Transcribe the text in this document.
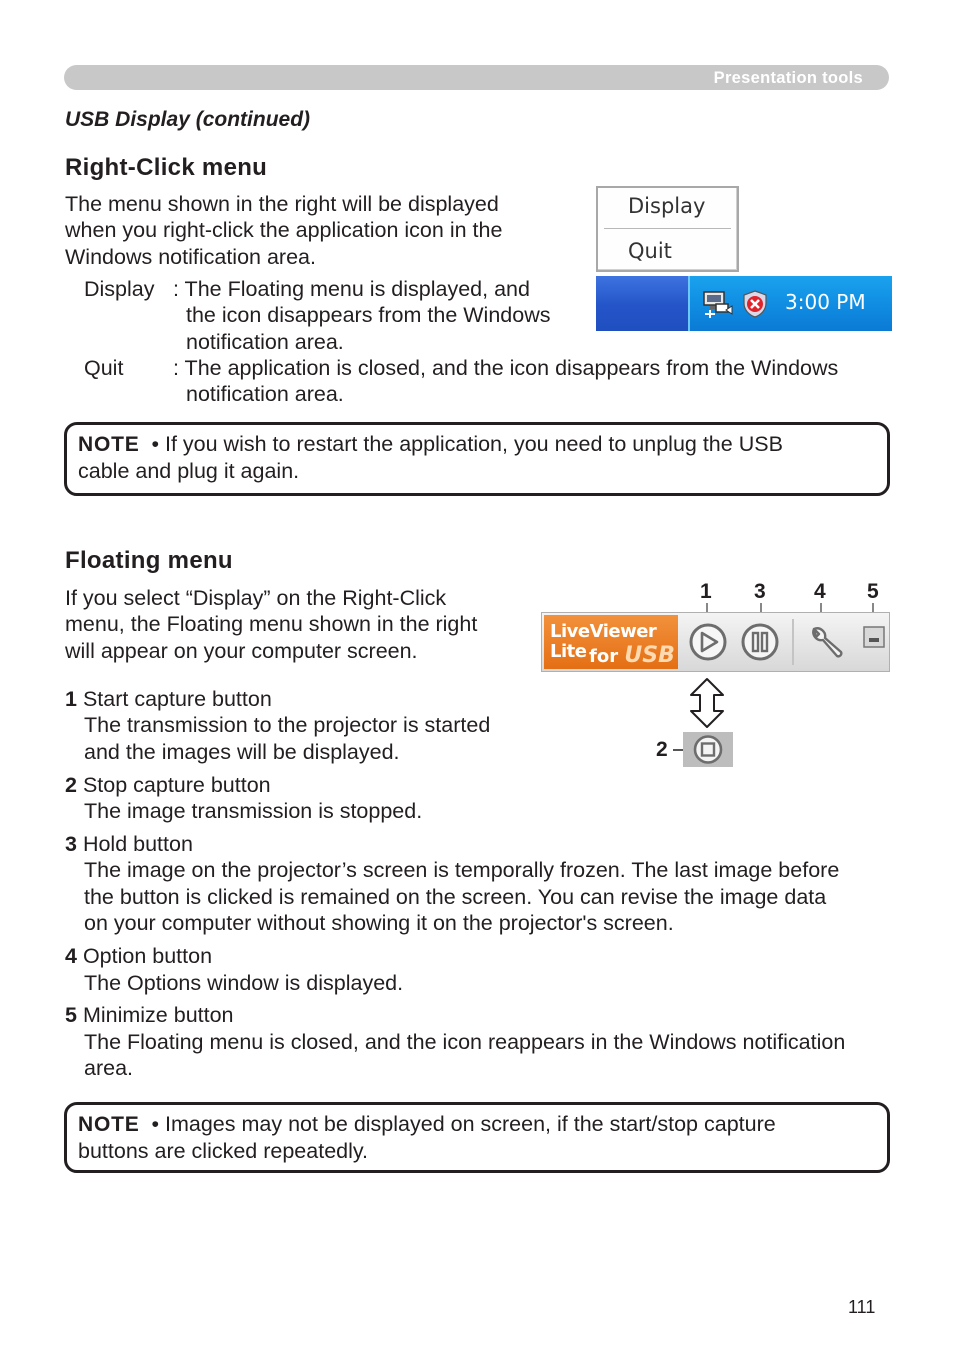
Presentation tools
USB Display (continued)
Right-Click menu

The menu shown in the right will be displayed

when you right-click the application icon in the

Windows notification area.

Display : The Floating menu is displayed, and

the icon disappears from the Windows

notification area.

Quit : The application is closed, and the icon disappears from the Windows

notification area.

Display
Quit
3:00 PM

NOTE • If you wish to restart the application, you need to unplug the USB

cable and plug it again.

Floating menu

If you select “Display” on the Right-Click

menu, the Floating menu shown in the right

will appear on your computer screen.

1 3 4 5
LiveViewer Lite for USB
2

1 Start capture button

The transmission to the projector is started

and the images will be displayed.

2 Stop capture button

The image transmission is stopped.

3 Hold button

The image on the projector’s screen is temporally frozen. The last image before

the button is clicked is remained on the screen. You can revise the image data

on your computer without showing it on the projector's screen.

4 Option button

The Options window is displayed.

5 Minimize button

The Floating menu is closed, and the icon reappears in the Windows notification

area.

NOTE • Images may not be displayed on screen, if the start/stop capture

buttons are clicked repeatedly.

111
